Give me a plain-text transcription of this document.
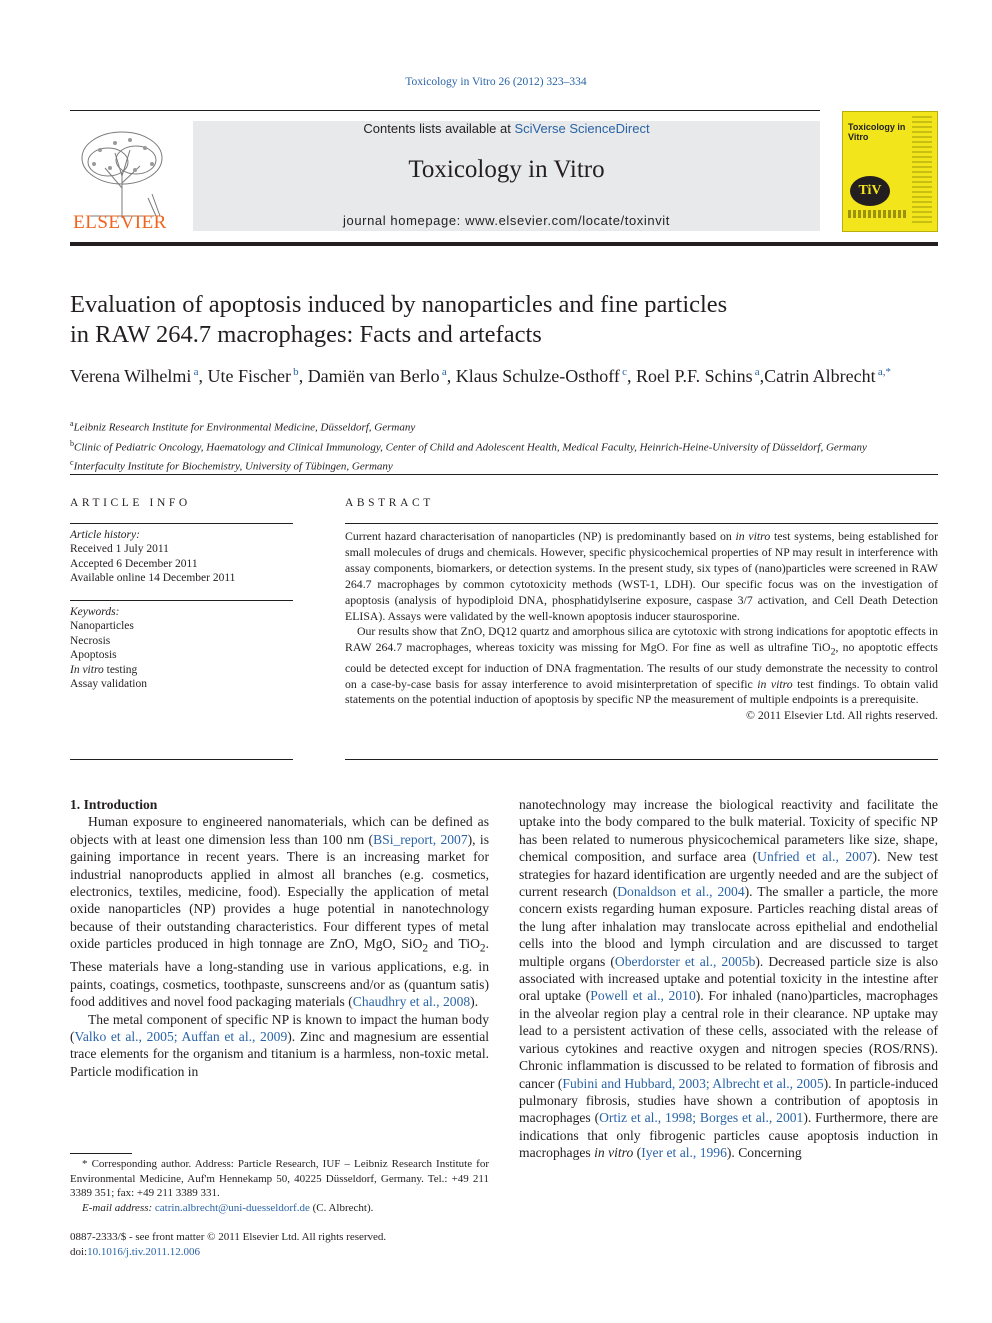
Toxicology in Vitro 26 (2012) 323–334
ELSEVIER
Contents lists available at SciVerse ScienceDirect
Toxicology in Vitro
journal homepage: www.elsevier.com/locate/toxinvit
Toxicology in Vitro
TiV
Evaluation of apoptosis induced by nanoparticles and fine particles
in RAW 264.7 macrophages: Facts and artefacts
Verena Wilhelmi $^a$, Ute Fischer $^b$, Damiën van Berlo $^a$, Klaus Schulze-Osthoff $^c$, Roel P.F. Schins $^a$,Catrin Albrecht $^{a,*}$
$^a$Leibniz Research Institute for Environmental Medicine, Düsseldorf, Germany
$^b$Clinic of Pediatric Oncology, Haematology and Clinical Immunology, Center of Child and Adolescent Health, Medical Faculty, Heinrich-Heine-University of Düsseldorf, Germany
$^c$Interfaculty Institute for Biochemistry, University of Tübingen, Germany
ARTICLE INFO
Article history:
Received 1 July 2011
Accepted 6 December 2011
Available online 14 December 2011
Keywords:
Nanoparticles
Necrosis
Apoptosis
In vitro testing
Assay validation
ABSTRACT

Current hazard characterisation of nanoparticles (NP) is predominantly based on in vitro test systems, being established for small molecules of drugs and chemicals. However, specific physicochemical properties of NP may result in interference with assay components, biomarkers, or detection systems. In the present study, six types of (nano)particles were screened in RAW 264.7 macrophages by common cytotoxicity methods (WST-1, LDH). Our specific focus was on the investigation of apoptosis (analysis of hypodiploid DNA, phosphatidylserine exposure, caspase 3/7 activation, and Cell Death Detection ELISA). Assays were validated by the well-known apoptosis inducer staurosporine.

Our results show that ZnO, DQ12 quartz and amorphous silica are cytotoxic with strong indications for apoptotic effects in RAW 264.7 macrophages, whereas toxicity was missing for MgO. For fine as well as ultrafine TiO$_2$, no apoptotic effects could be detected except for induction of DNA fragmentation. The results of our study demonstrate the necessity to control on a case-by-case basis for assay interference to avoid misinterpretation of specific in vitro test findings. To obtain valid statements on the potential induction of apoptosis by specific NP the measurement of multiple endpoints is a prerequisite.

© 2011 Elsevier Ltd. All rights reserved.

1. Introduction

Human exposure to engineered nanomaterials, which can be defined as objects with at least one dimension less than 100 nm (BSi_report, 2007), is gaining importance in recent years. There is an increasing market for industrial nanoproducts applied in almost all branches (e.g. cosmetics, electronics, textiles, medicine, food). Especially the application of metal oxide nanoparticles (NP) provides a huge potential in nanotechnology because of their outstanding characteristics. Four different types of metal oxide particles produced in high tonnage are ZnO, MgO, SiO$_2$ and TiO$_2$. These materials have a long-standing use in various applications, e.g. in paints, coatings, cosmetics, toothpaste, sunscreens and/or as (quantum satis) food additives and novel food packaging materials (Chaudhry et al., 2008).

The metal component of specific NP is known to impact the human body (Valko et al., 2005; Auffan et al., 2009). Zinc and magnesium are essential trace elements for the organism and titanium is a harmless, non-toxic metal. Particle modification in

nanotechnology may increase the biological reactivity and facilitate the uptake into the body compared to the bulk material. Toxicity of specific NP has been related to numerous physicochemical parameters like size, shape, chemical composition, and surface area (Unfried et al., 2007). New test strategies for hazard identification are urgently needed and are the subject of current research (Donaldson et al., 2004). The smaller a particle, the more concern exists regarding human exposure. Particles reaching distal areas of the lung after inhalation may translocate across epithelial and endothelial cells into the blood and lymph circulation and are discussed to target multiple organs (Oberdorster et al., 2005b). Decreased particle size is also associated with increased uptake and potential toxicity in the intestine after oral uptake (Powell et al., 2010). For inhaled (nano)particles, macrophages in the alveolar region play a central role in their clearance. NP uptake may lead to a persistent activation of these cells, associated with the release of various cytokines and reactive oxygen and nitrogen species (ROS/RNS). Chronic inflammation is discussed to be related to formation of fibrosis and cancer (Fubini and Hubbard, 2003; Albrecht et al., 2005). In particle-induced pulmonary fibrosis, studies have shown a contribution of apoptosis in macrophages (Ortiz et al., 1998; Borges et al., 2001). Furthermore, there are indications that only fibrogenic particles cause apoptosis induction in macrophages in vitro (Iyer et al., 1996). Concerning

* Corresponding author. Address: Particle Research, IUF – Leibniz Research Institute for Environmental Medicine, Auf'm Hennekamp 50, 40225 Düsseldorf, Germany. Tel.: +49 211 3389 351; fax: +49 211 3389 331.

E-mail address: catrin.albrecht@uni-duesseldorf.de (C. Albrecht).

0887-2333/$ - see front matter © 2011 Elsevier Ltd. All rights reserved.
doi:10.1016/j.tiv.2011.12.006
